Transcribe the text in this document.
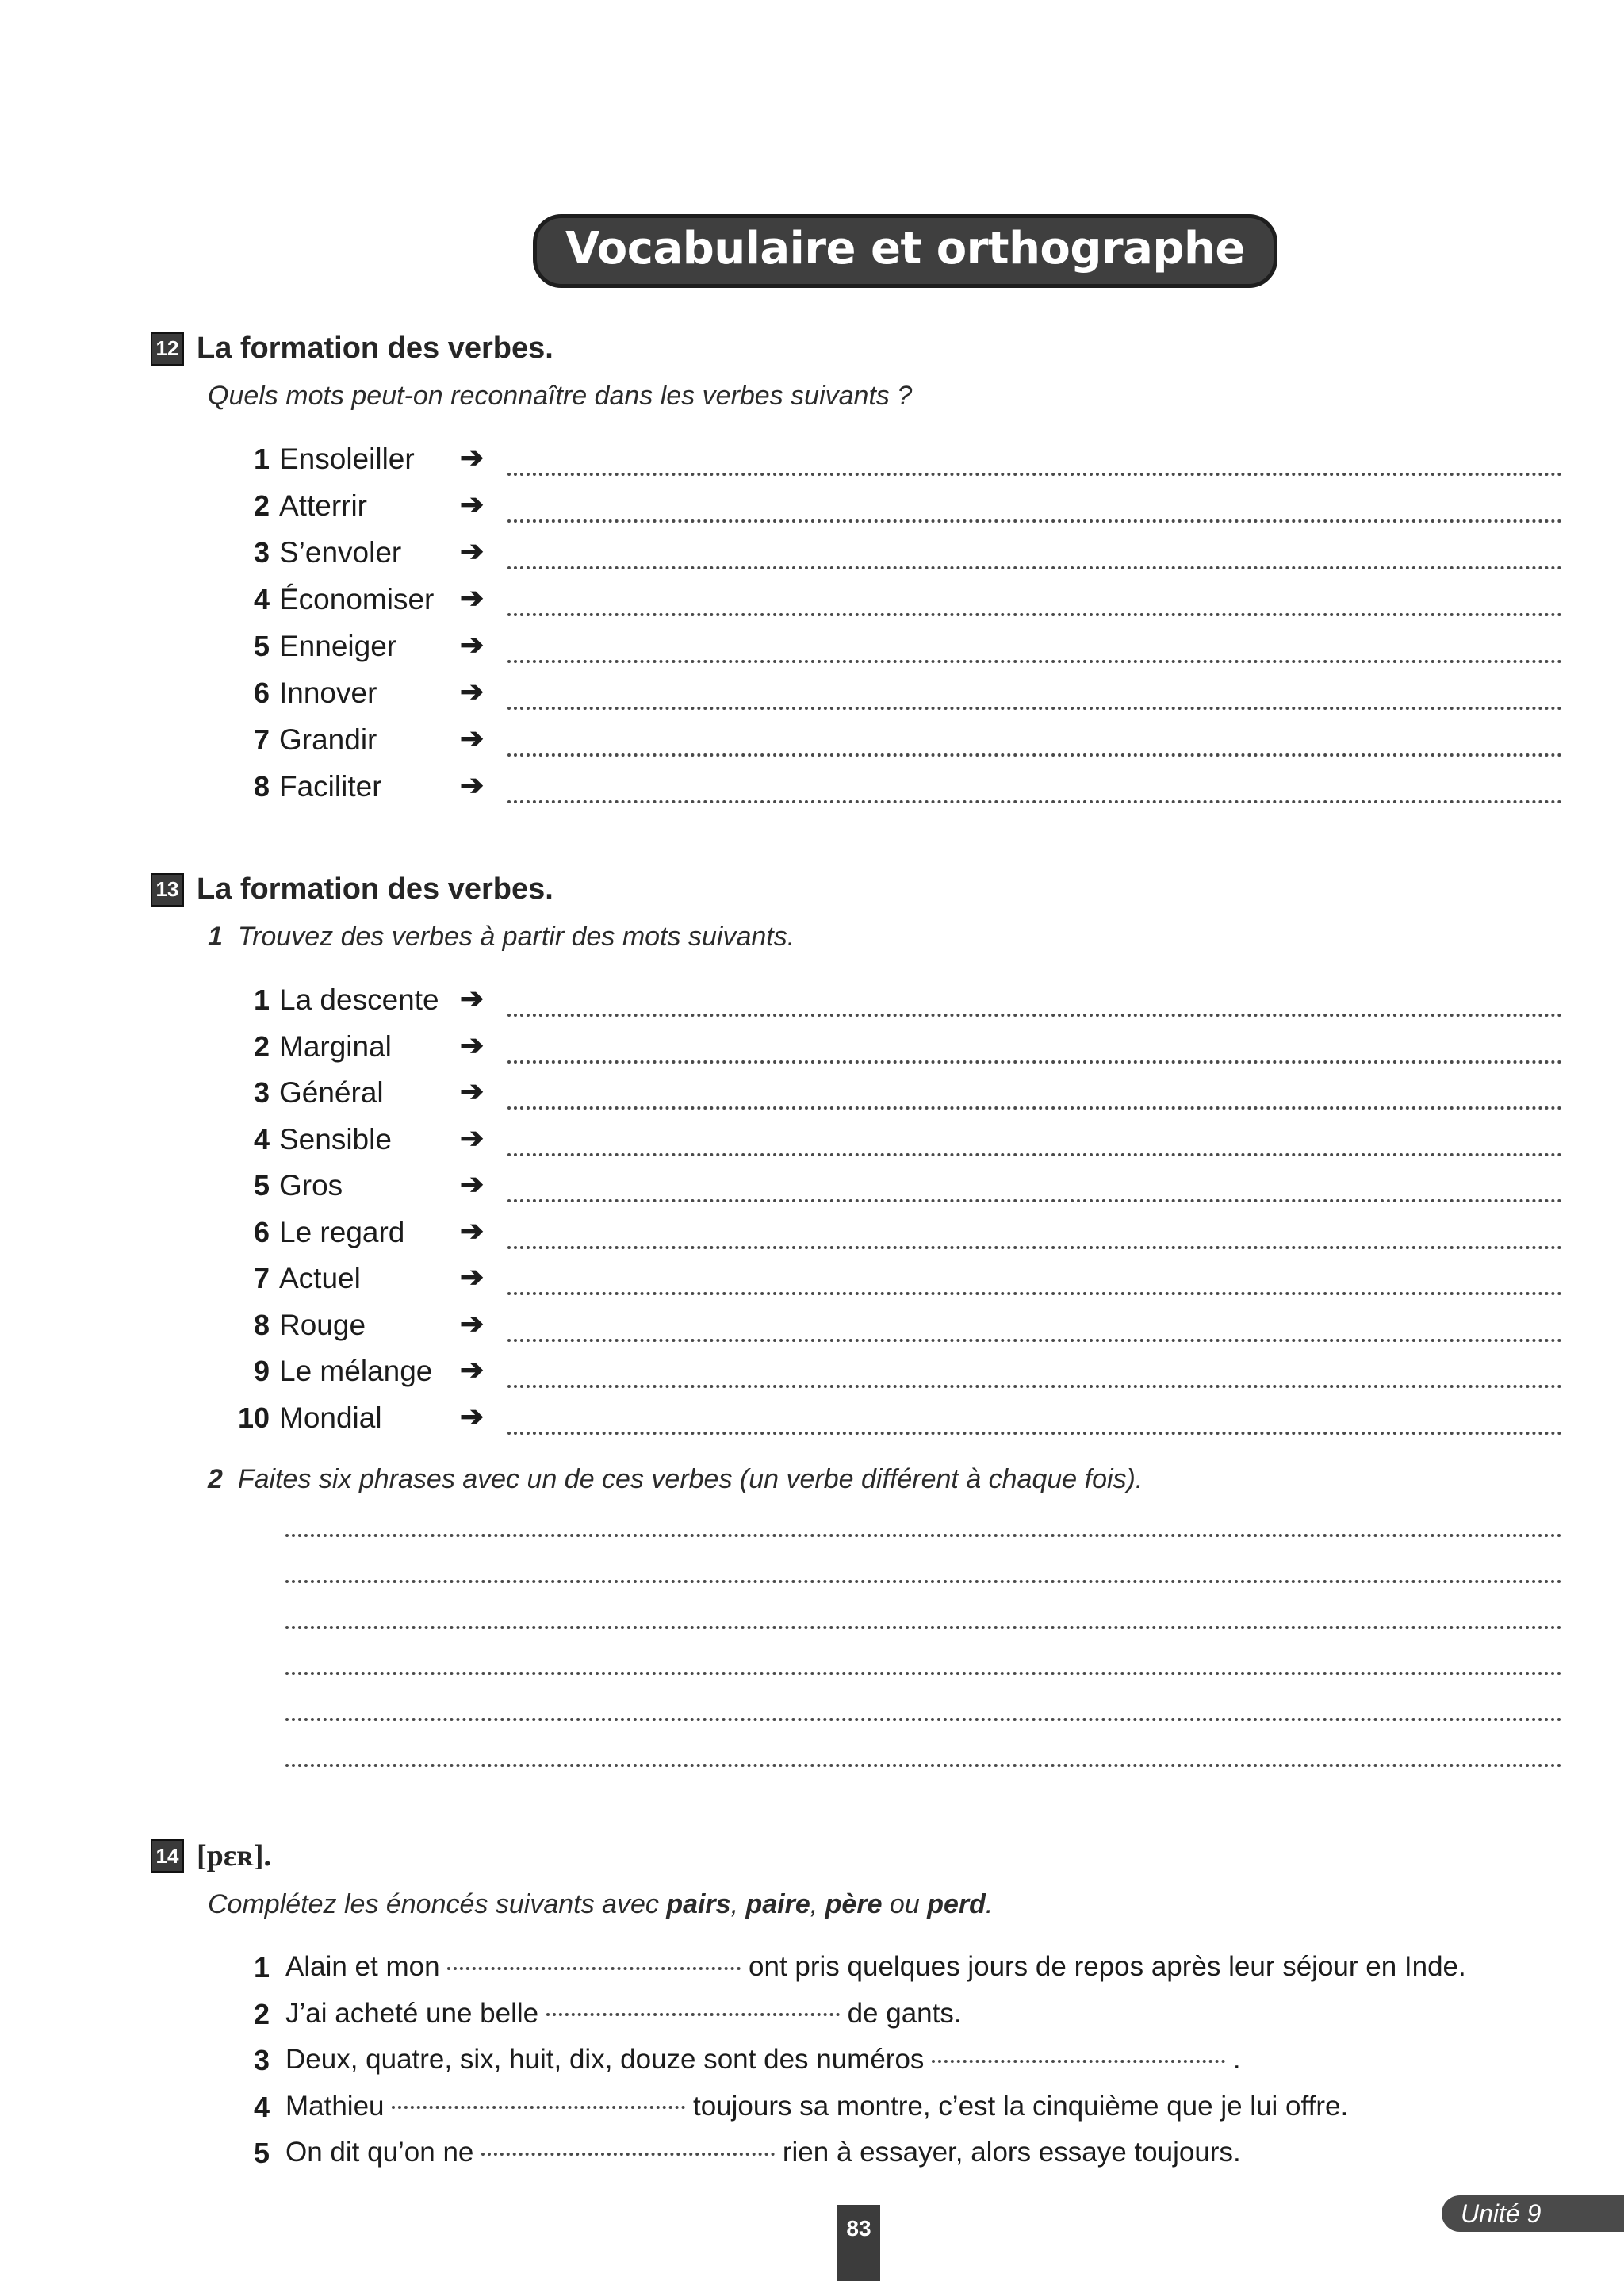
Vocabulaire et orthographe
12 La formation des verbes.
Quels mots peut-on reconnaître dans les verbes suivants ?
1 Ensoleiller ➔
2 Atterrir	➔
3 S’envoler ➔
4 Économiser ➔
5 Enneiger ➔
6 Innover	➔
7 Grandir	➔
8 Faciliter	➔
13 La formation des verbes.
1 Trouvez des verbes à partir des mots suivants.
1 La descente ➔
2 Marginal ➔
3 Général	➔
4 Sensible ➔
5 Gros	➔
6 Le regard ➔
7 Actuel	➔
8 Rouge	➔
9 Le mélange ➔
10 Mondial	➔
2 Faites six phrases avec un de ces verbes (un verbe différent à chaque fois).
14 [pɛʀ].
Complétez les énoncés suivants avec pairs, paire, père ou perd.
1 Alain et mon	ont pris quelques jours de repos après leur séjour en Inde.
2 J’ai acheté une belle	de gants.
3 Deux, quatre, six, huit, dix, douze sont des numéros	.
4 Mathieu	toujours sa montre, c’est la cinquième que je lui offre.
5 On dit qu’on ne	rien à essayer, alors essaye toujours.
83
Unité 9
